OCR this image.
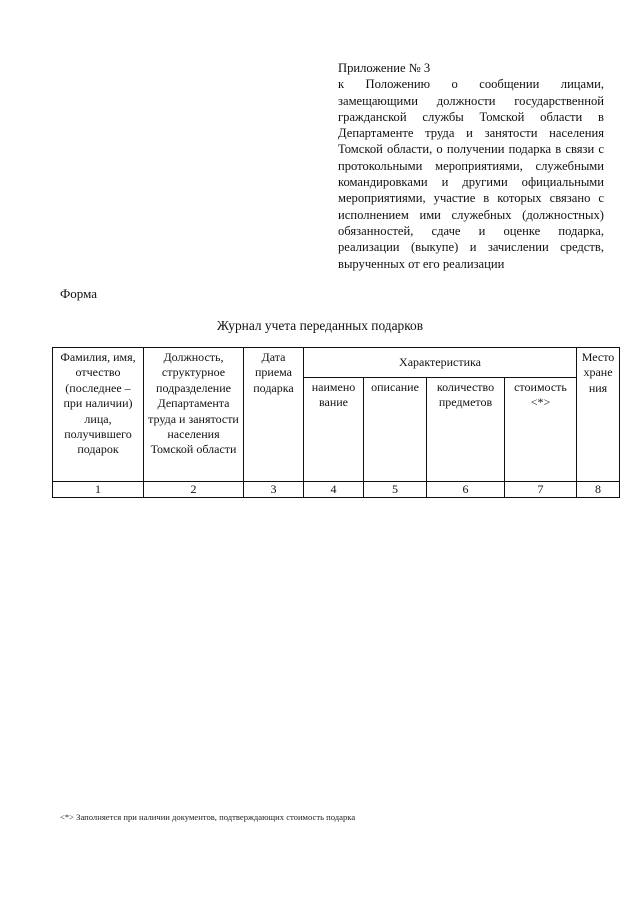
Приложение № 3

к Положению о сообщении лицами, замещающими должности государственной гражданской службы Томской области в Департаменте труда и занятости населения Томской области, о получении подарка в связи с протокольными мероприятиями, служебными командировками и другими официальными мероприятиями, участие в которых связано с исполнением ими служебных (должностных) обязанностей, сдаче и оценке подарка, реализации (выкупе) и зачислении средств, вырученных от его реализации

Форма
Журнал учета переданных подарков
Фамилия, имя, отчество (последнее – при наличии) лица, получившего подарок	Должность, структурное подразделение Департамента труда и занятости населения Томской области	Дата приема подарка	Характеристика				Место хране ния
			наимено вание	описание	количество предметов	стоимость <*>	
1	2	3	4	5	6	7	8
<*> Заполняется при наличии документов, подтверждающих стоимость подарка
